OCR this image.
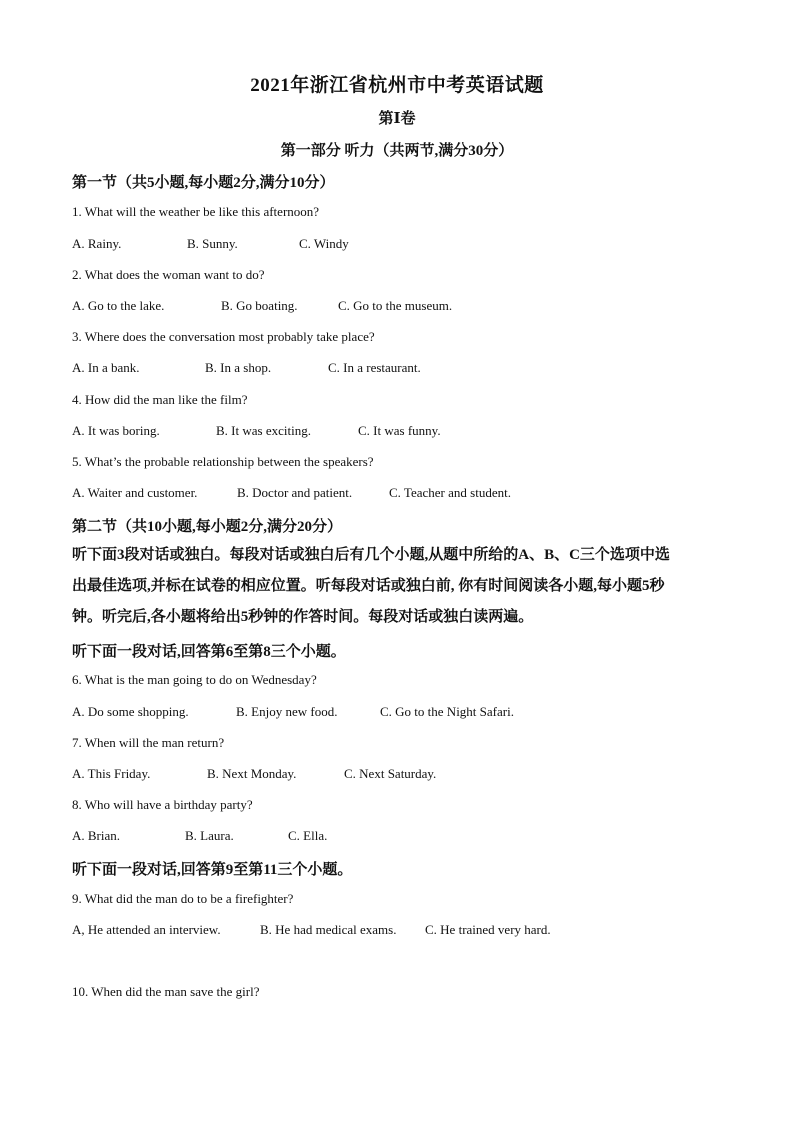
2021年浙江省杭州市中考英语试题
第Ⅰ卷
第一部分 听力（共两节,满分30分）
第一节（共5小题,每小题2分,满分10分）
1. What will the weather be like this afternoon?
A. Rainy.	B. Sunny.	C. Windy
2. What does the woman want to do?
A. Go to the lake.	B. Go boating.	C. Go to the museum.
3. Where does the conversation most probably take place?
A. In a bank.	B. In a shop.	C. In a restaurant.
4. How did the man like the film?
A. It was boring.	B. It was exciting.	C. It was funny.
5. What’s the probable relationship between the speakers?
A. Waiter and customer.	B. Doctor and patient.	C. Teacher and student.
第二节（共10小题,每小题2分,满分20分）
听下面3段对话或独白。每段对话或独白后有几个小题,从题中所给的A、B、C三个选项中选
出最佳选项,并标在试卷的相应位置。听每段对话或独白前, 你有时间阅读各小题,每小题5秒
钟。听完后,各小题将给出5秒钟的作答时间。每段对话或独白读两遍。
听下面一段对话,回答第6至第8三个小题。
6. What is the man going to do on Wednesday?
A. Do some shopping.	B. Enjoy new food.	C. Go to the Night Safari.
7. When will the man return?
A. This Friday.	B. Next Monday.	C. Next Saturday.
8. Who will have a birthday party?
A. Brian.	B. Laura.	C. Ella.
听下面一段对话,回答第9至第11三个小题。
9. What did the man do to be a firefighter?
A, He attended an interview.	B. He had medical exams. C. He trained very hard.
10. When did the man save the girl?
